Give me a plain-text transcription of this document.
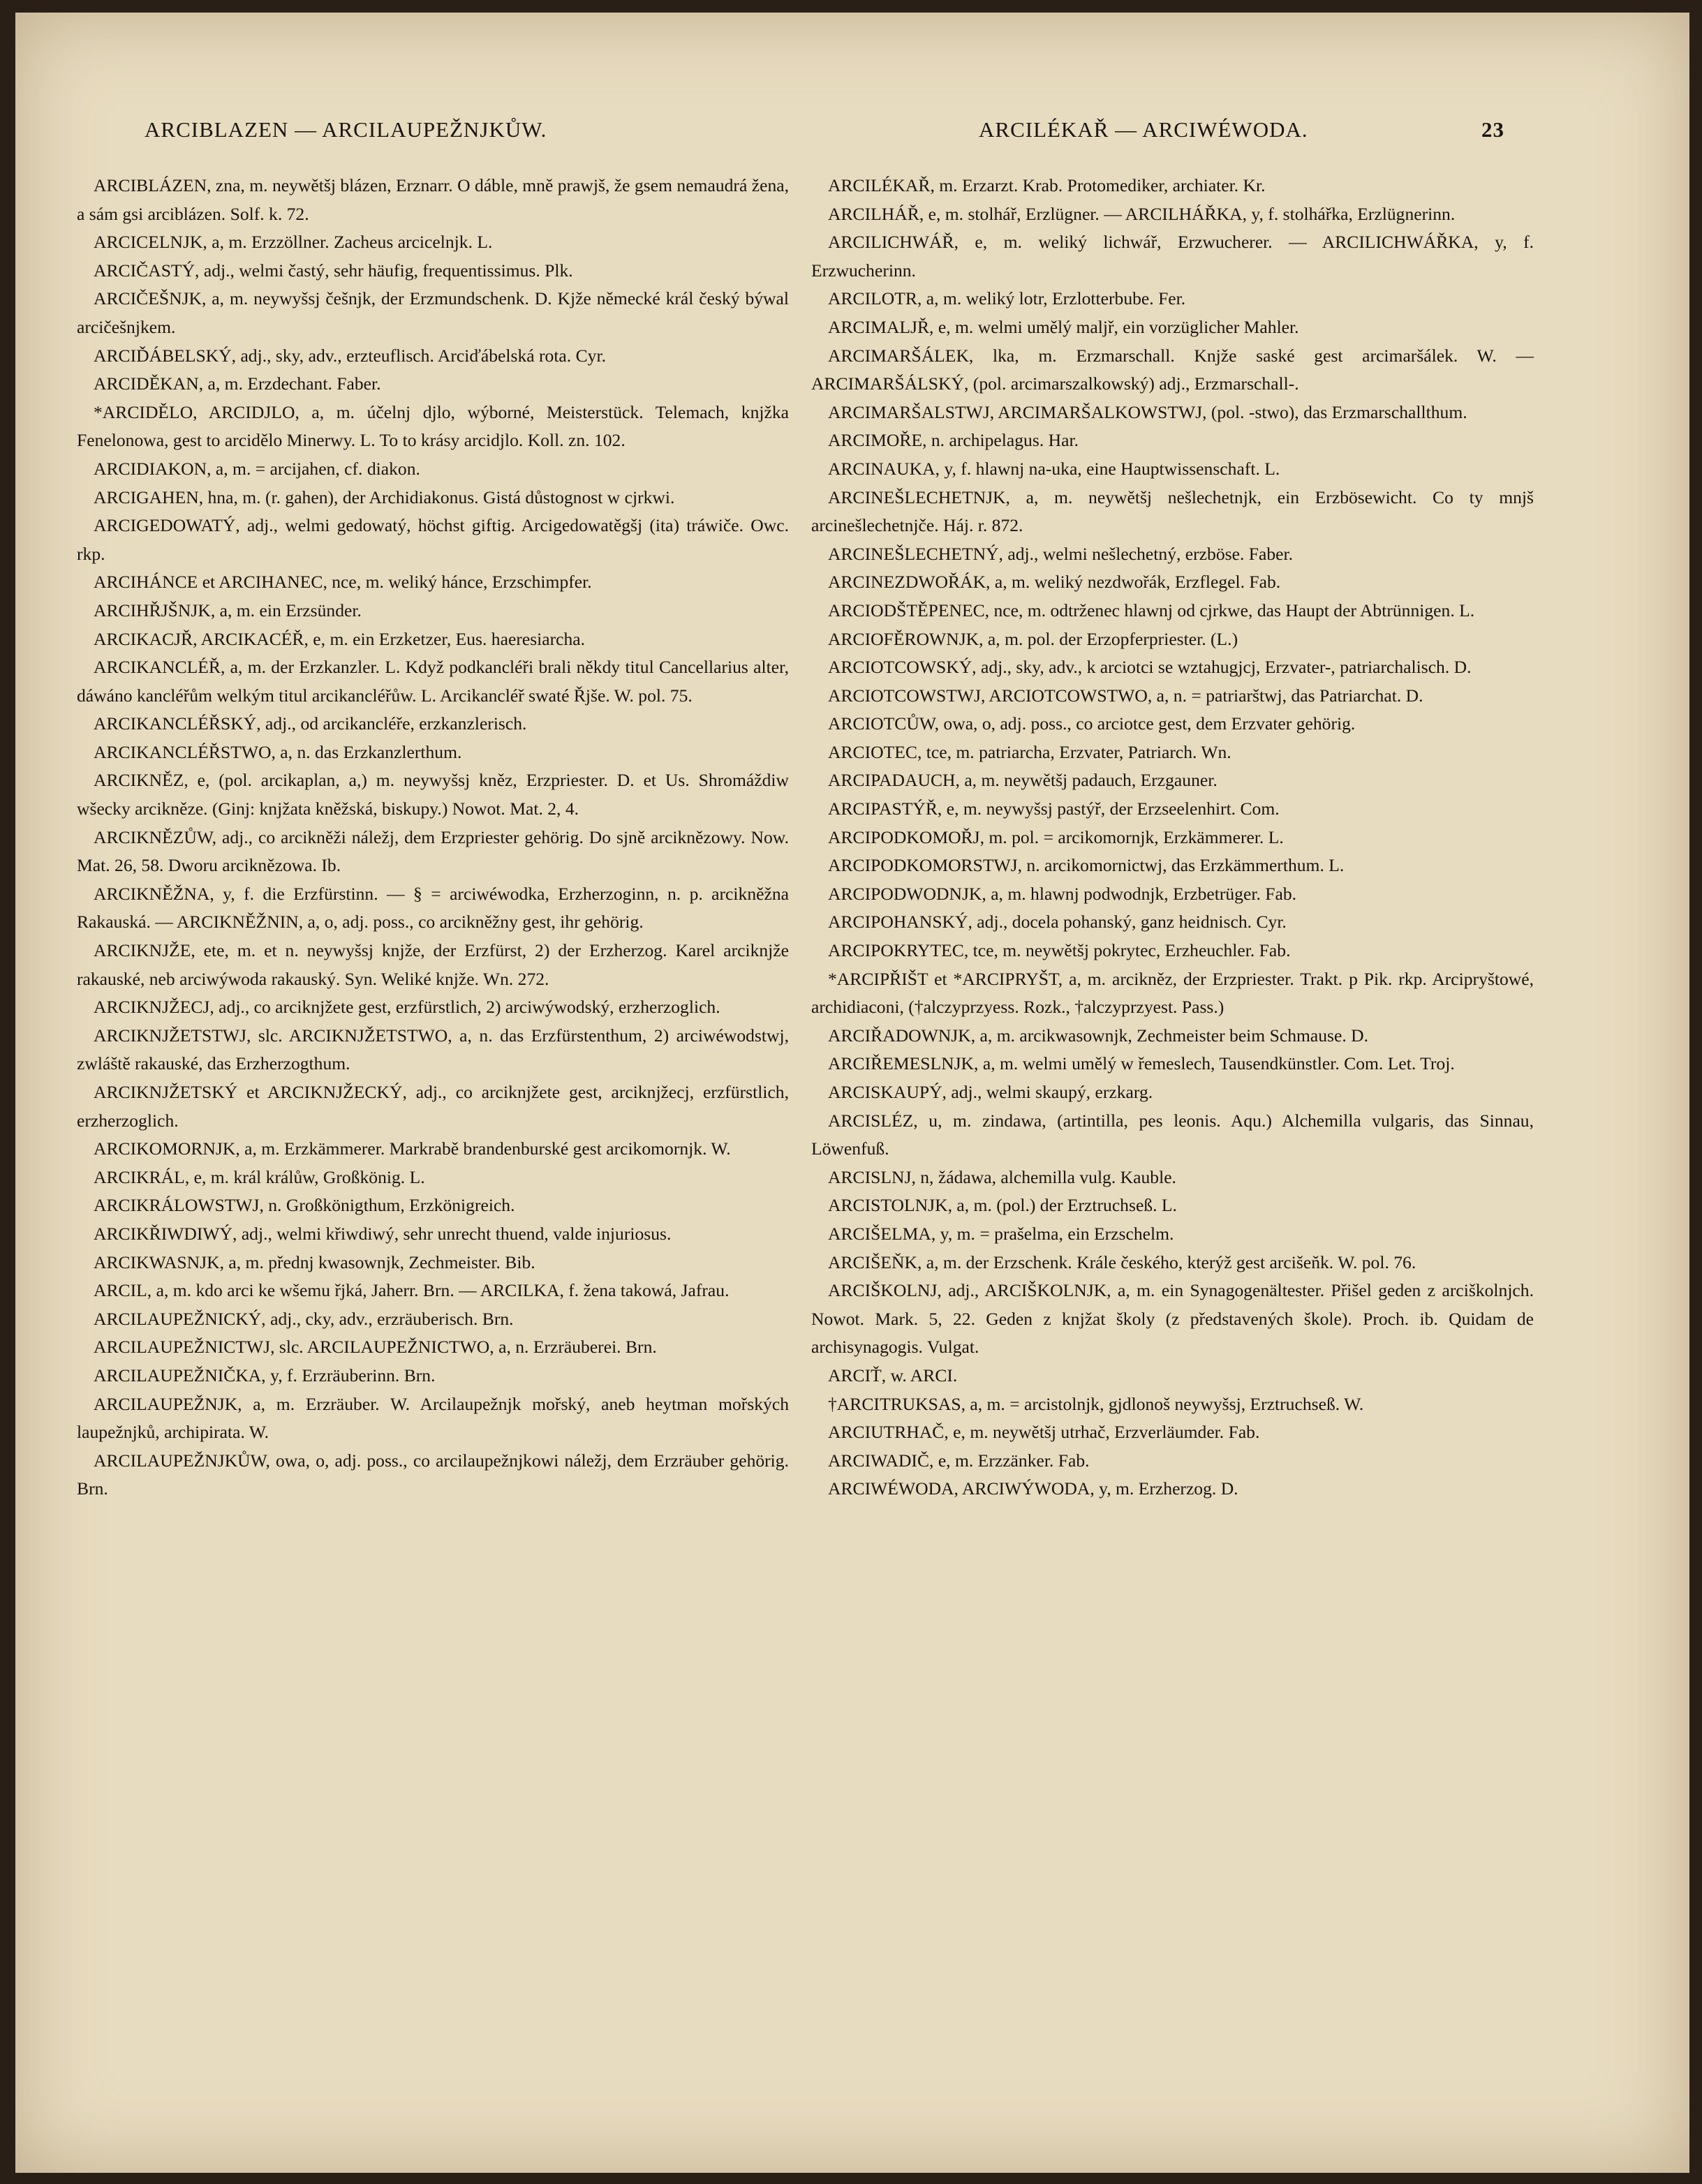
ARCIBLAZEN — ARCILAUPEŽNJKŮW.	ARCILÉKAŘ — ARCIWÉWODA.	23

ARCIBLÁZEN, zna, m. neywětšj blázen, Erznarr. O dáble, mně prawjš, že gsem nemaudrá žena, a sám gsi arciblázen. Solf. k. 72.

ARCICELNJK, a, m. Erzzöllner. Zacheus arcicelnjk. L.

ARCIČASTÝ, adj., welmi častý, sehr häufig, frequentissimus. Plk.

ARCIČEŠNJK, a, m. neywyšsj češnjk, der Erzmundschenk. D. Kjže německé král český býwal arcičešnjkem.

ARCIĎÁBELSKÝ, adj., sky, adv., erzteuflisch. Arciďábelská rota. Cyr.

ARCIDĚKAN, a, m. Erzdechant. Faber.

*ARCIDĚLO, ARCIDJLO, a, m. účelnj djlo, wýborné, Meisterstück. Telemach, knjžka Fenelonowa, gest to arcidělo Minerwy. L. To to krásy arcidjlo. Koll. zn. 102.

ARCIDIAKON, a, m. = arcijahen, cf. diakon.

ARCIGAHEN, hna, m. (r. gahen), der Archidiakonus. Gistá důstognost w cjrkwi.

ARCIGEDOWATÝ, adj., welmi gedowatý, höchst giftig. Arcigedowatěgšj (ita) tráwiče. Owc. rkp.

ARCIHÁNCE et ARCIHANEC, nce, m. weliký hánce, Erzschimpfer.

ARCIHŘJŠNJK, a, m. ein Erzsünder.

ARCIKACJŘ, ARCIKACÉŘ, e, m. ein Erzketzer, Eus. haeresiarcha.

ARCIKANCLÉŘ, a, m. der Erzkanzler. L. Když podkancléři brali někdy titul Cancellarius alter, dáwáno kancléřům welkým titul arcikancléřůw. L. Arcikancléř swaté Řjše. W. pol. 75.

ARCIKANCLÉŘSKÝ, adj., od arcikancléře, erzkanzlerisch.

ARCIKANCLÉŘSTWO, a, n. das Erzkanzlerthum.

ARCIKNĚZ, e, (pol. arcikaplan, a,) m. neywyšsj kněz, Erzpriester. D. et Us. Shromáždiw wšecky arcikněze. (Ginj: knjžata kněžská, biskupy.) Nowot. Mat. 2, 4.

ARCIKNĚZŮW, adj., co arcikněži náležj, dem Erzpriester gehörig. Do sjně arciknězowy. Now. Mat. 26, 58. Dworu arciknězowa. Ib.

ARCIKNĚŽNA, y, f. die Erzfürstinn. — § = arciwéwodka, Erzherzoginn, n. p. arcikněžna Rakauská. — ARCIKNĚŽNIN, a, o, adj. poss., co arcikněžny gest, ihr gehörig.

ARCIKNJŽE, ete, m. et n. neywyšsj knjže, der Erzfürst, 2) der Erzherzog. Karel arciknjže rakauské, neb arciwýwoda rakauský. Syn. Weliké knjže. Wn. 272.

ARCIKNJŽECJ, adj., co arciknjžete gest, erzfürstlich, 2) arciwýwodský, erzherzoglich.

ARCIKNJŽETSTWJ, slc. ARCIKNJŽETSTWO, a, n. das Erzfürstenthum, 2) arciwéwodstwj, zwláště rakauské, das Erzherzogthum.

ARCIKNJŽETSKÝ et ARCIKNJŽECKÝ, adj., co arciknjžete gest, arciknjžecj, erzfürstlich, erzherzoglich.

ARCIKOMORNJK, a, m. Erzkämmerer. Markrabě brandenburské gest arcikomornjk. W.

ARCIKRÁL, e, m. král králůw, Großkönig. L.

ARCIKRÁLOWSTWJ, n. Großkönigthum, Erzkönigreich.

ARCIKŘIWDIWÝ, adj., welmi křiwdiwý, sehr unrecht thuend, valde injuriosus.

ARCIKWASNJK, a, m. přednj kwasownjk, Zechmeister. Bib.

ARCIL, a, m. kdo arci ke wšemu řjká, Jaherr. Brn. — ARCILKA, f. žena takowá, Jafrau.

ARCILAUPEŽNICKÝ, adj., cky, adv., erzräuberisch. Brn.

ARCILAUPEŽNICTWJ, slc. ARCILAUPEŽNICTWO, a, n. Erzräuberei. Brn.

ARCILAUPEŽNIČKA, y, f. Erzräuberinn. Brn.

ARCILAUPEŽNJK, a, m. Erzräuber. W. Arcilaupežnjk mořský, aneb heytman mořských laupežnjků, archipirata. W.

ARCILAUPEŽNJKŮW, owa, o, adj. poss., co arcilaupežnjkowi náležj, dem Erzräuber gehörig. Brn.

ARCILÉKAŘ, m. Erzarzt. Krab. Protomediker, archiater. Kr.

ARCILHÁŘ, e, m. stolhář, Erzlügner. — ARCILHÁŘKA, y, f. stolhářka, Erzlügnerinn.

ARCILICHWÁŘ, e, m. weliký lichwář, Erzwucherer. — ARCILICHWÁŘKA, y, f. Erzwucherinn.

ARCILOTR, a, m. weliký lotr, Erzlotterbube. Fer.

ARCIMALJŘ, e, m. welmi umělý maljř, ein vorzüglicher Mahler.

ARCIMARŠÁLEK, lka, m. Erzmarschall. Knjže saské gest arcimaršálek. W. — ARCIMARŠÁLSKÝ, (pol. arcimarszalkowský) adj., Erzmarschall-.

ARCIMARŠALSTWJ, ARCIMARŠALKOWSTWJ, (pol. -stwo), das Erzmarschallthum.

ARCIMOŘE, n. archipelagus. Har.

ARCINAUKA, y, f. hlawnj na-uka, eine Hauptwissenschaft. L.

ARCINEŠLECHETNJK, a, m. neywětšj nešlechetnjk, ein Erzbösewicht. Co ty mnjš arcinešlechetnjče. Háj. r. 872.

ARCINEŠLECHETNÝ, adj., welmi nešlechetný, erzböse. Faber.

ARCINEZDWOŘÁK, a, m. weliký nezdwořák, Erzflegel. Fab.

ARCIODŠTĚPENEC, nce, m. odtrženec hlawnj od cjrkwe, das Haupt der Abtrünnigen. L.

ARCIOFĚROWNJK, a, m. pol. der Erzopferpriester. (L.)

ARCIOTCOWSKÝ, adj., sky, adv., k arciotci se wztahugjcj, Erzvater-, patriarchalisch. D.

ARCIOTCOWSTWJ, ARCIOTCOWSTWO, a, n. = patriarštwj, das Patriarchat. D.

ARCIOTCŮW, owa, o, adj. poss., co arciotce gest, dem Erzvater gehörig.

ARCIOTEC, tce, m. patriarcha, Erzvater, Patriarch. Wn.

ARCIPADAUCH, a, m. neywětšj padauch, Erzgauner.

ARCIPASTÝŘ, e, m. neywyšsj pastýř, der Erzseelenhirt. Com.

ARCIPODKOMOŘJ, m. pol. = arcikomornjk, Erzkämmerer. L.

ARCIPODKOMORSTWJ, n. arcikomornictwj, das Erzkämmerthum. L.

ARCIPODWODNJK, a, m. hlawnj podwodnjk, Erzbetrüger. Fab.

ARCIPOHANSKÝ, adj., docela pohanský, ganz heidnisch. Cyr.

ARCIPOKRYTEC, tce, m. neywětšj pokrytec, Erzheuchler. Fab.

*ARCIPŘIŠT et *ARCIPRYŠT, a, m. arcikněz, der Erzpriester. Trakt. p Pik. rkp. Arcipryštowé, archidiaconi, (†alczyprzyess. Rozk., †alczyprzyest. Pass.)

ARCIŘADOWNJK, a, m. arcikwasownjk, Zechmeister beim Schmause. D.

ARCIŘEMESLNJK, a, m. welmi umělý w řemeslech, Tausendkünstler. Com. Let. Troj.

ARCISKAUPÝ, adj., welmi skaupý, erzkarg.

ARCISLÉZ, u, m. zindawa, (artintilla, pes leonis. Aqu.) Alchemilla vulgaris, das Sinnau, Löwenfuß.

ARCISLNJ, n, žádawa, alchemilla vulg. Kauble.

ARCISTOLNJK, a, m. (pol.) der Erztruchseß. L.

ARCIŠELMA, y, m. = prašelma, ein Erzschelm.

ARCIŠEŇK, a, m. der Erzschenk. Krále českého, kterýž gest arcišeňk. W. pol. 76.

ARCIŠKOLNJ, adj., ARCIŠKOLNJK, a, m. ein Synagogenältester. Přišel geden z arciškolnjch. Nowot. Mark. 5, 22. Geden z knjžat školy (z představených škole). Proch. ib. Quidam de archisynagogis. Vulgat.

ARCIŤ, w. ARCI.

†ARCITRUKSAS, a, m. = arcistolnjk, gjdlonoš neywyšsj, Erztruchseß. W.

ARCIUTRHAČ, e, m. neywětšj utrhač, Erzverläumder. Fab.

ARCIWADIČ, e, m. Erzzänker. Fab.

ARCIWÉWODA, ARCIWÝWODA, y, m. Erzherzog. D.
